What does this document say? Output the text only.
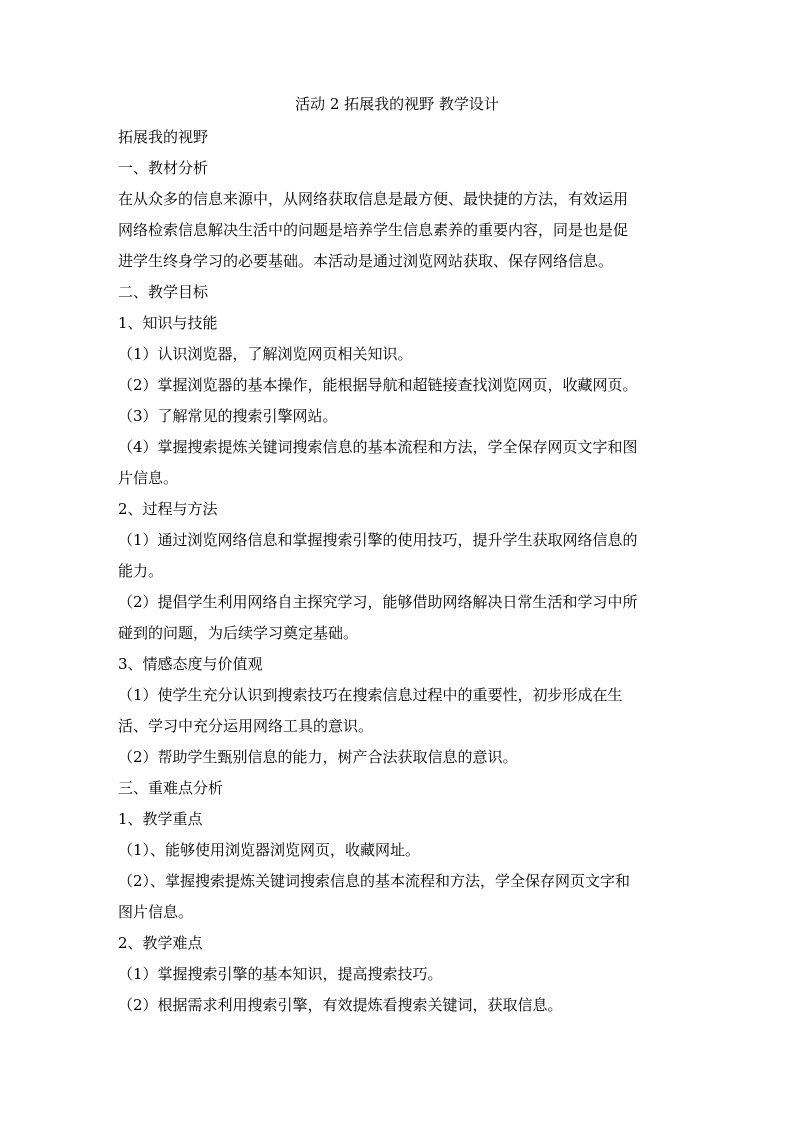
活动 2 拓展我的视野 教学设计
拓展我的视野
一、教材分析
在从众多的信息来源中，从网络获取信息是最方便、最快捷的方法，有效运用
网络检索信息解决生活中的问题是培养学生信息素养的重要内容，同是也是促
进学生终身学习的必要基础。本活动是通过浏览网站获取、保存网络信息。
二、教学目标
1、知识与技能
（1）认识浏览器，了解浏览网页相关知识。
（2）掌握浏览器的基本操作，能根据导航和超链接查找浏览网页，收藏网页。
（3）了解常见的搜索引擎网站。
（4）掌握搜索提炼关键词搜索信息的基本流程和方法，学全保存网页文字和图
片信息。
2、过程与方法
（1）通过浏览网络信息和掌握搜索引擎的使用技巧，提升学生获取网络信息的
能力。
（2）提倡学生利用网络自主探究学习，能够借助网络解决日常生活和学习中所
碰到的问题，为后续学习奠定基础。
3、情感态度与价值观
（1）使学生充分认识到搜索技巧在搜索信息过程中的重要性，初步形成在生
活、学习中充分运用网络工具的意识。
（2）帮助学生甄别信息的能力，树产合法获取信息的意识。
三、重难点分析
1、教学重点
（1）、能够使用浏览器浏览网页，收藏网址。
（2）、掌握搜索提炼关键词搜索信息的基本流程和方法，学全保存网页文字和
图片信息。
2、教学难点
（1）掌握搜索引擎的基本知识，提高搜索技巧。
（2）根据需求利用搜索引擎，有效提炼看搜索关键词，获取信息。
